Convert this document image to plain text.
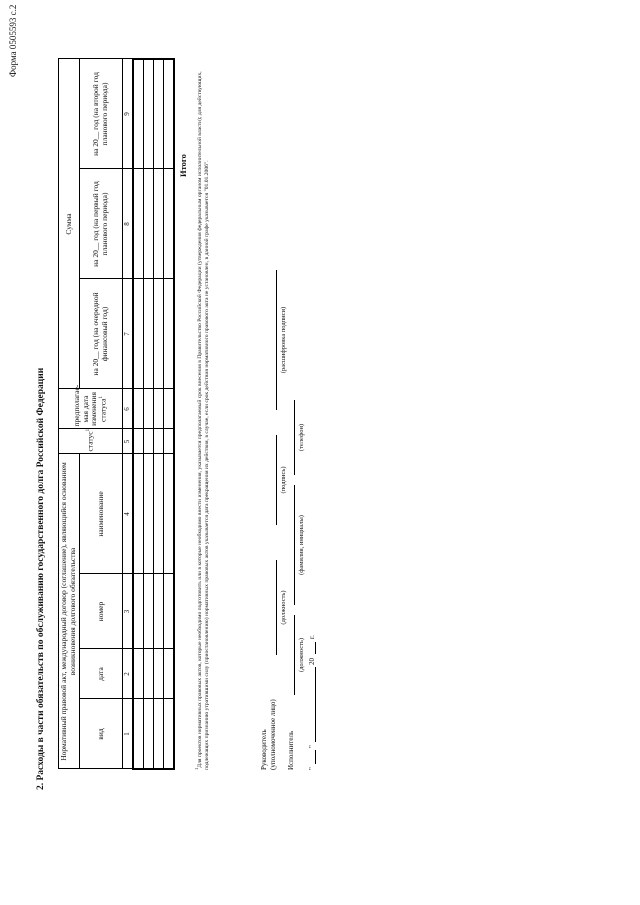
Форма 0505593 с.2
2. Расходы в части обязательств по обслуживанию государственного долга Российской Федерации Нормативный правовой акт, международный договор (соглашение), являющийся основанием возникновения долгового обязательства				статус$^1$	предполагае- мая дата изменения статуса$^1$	Сумма		
вид	дата	номер	наименование			на 20__ год (на очередной финансовый год)	на 20__ год (на первый год планового периода)	на 20__ год (на второй год планового периода)
1	2	3	4	5	6	7	8	9

Итого
$^1$Для проектов нормативных правовых актов, которые необходимо подготовить или в которые необходимо внести изменения, указывается предполагаемый срок внесения в Правительство Российской Федерации (утверждения федеральным органом исполнительной власти); для действующих, подлежащих признанию утратившими силу (приостановлению) нормативных правовых актов указывается дата прекращения их действия, в случае, если срок действия нормативного правового акта не установлен, в данной графе указывается "01.01.2006".	Руководитель (уполномоченное лицо)
(должность)
(подпись)
(расшифровка подписи)
Исполнитель
(должность)
(фамилия, инициалы)
(телефон)
"
"
20
г.
